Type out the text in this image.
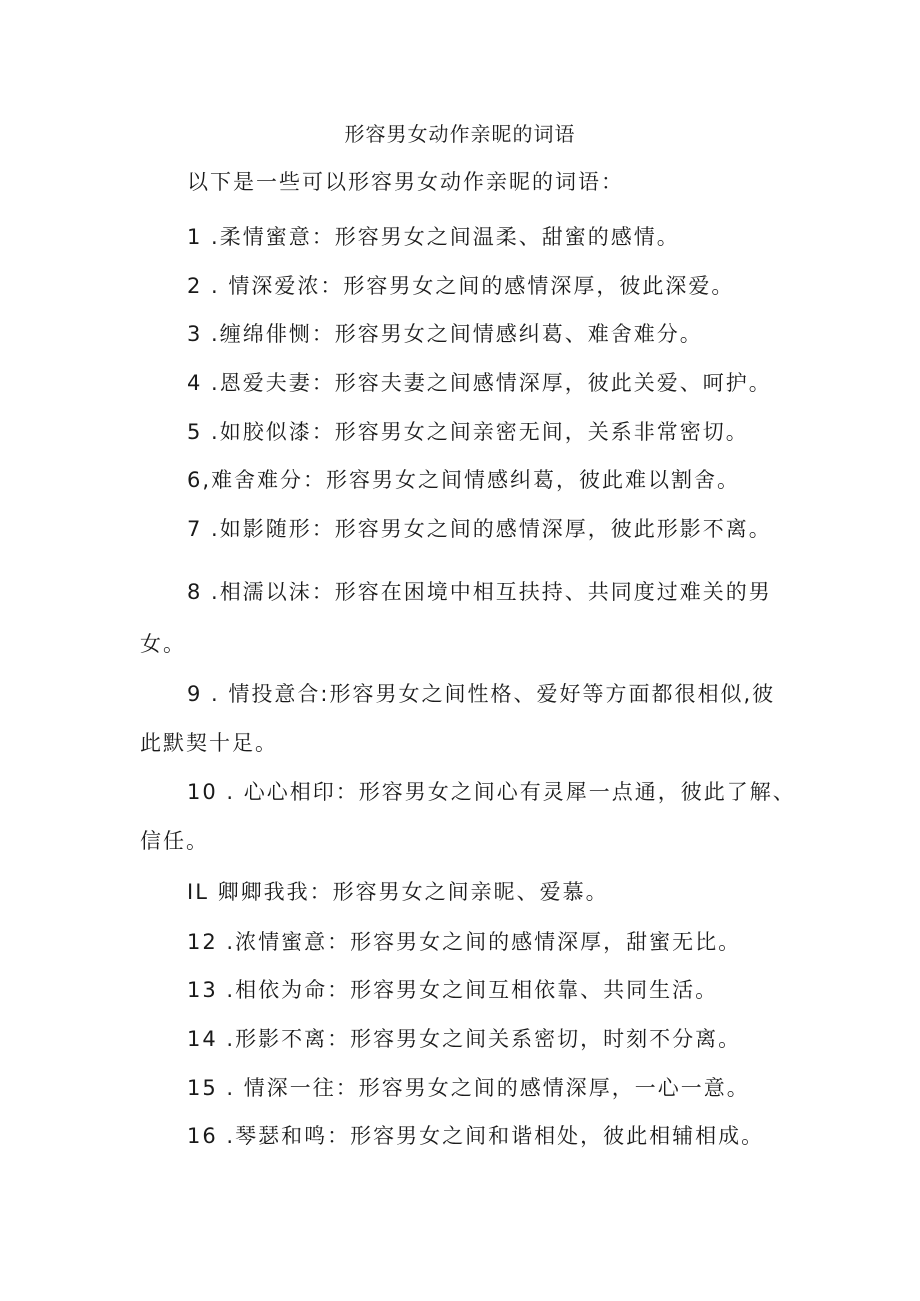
形容男女动作亲昵的词语
以下是一些可以形容男女动作亲昵的词语：
1 .柔情蜜意：形容男女之间温柔、甜蜜的感情。
2 . 情深爱浓：形容男女之间的感情深厚，彼此深爱。
3 .缠绵俳恻：形容男女之间情感纠葛、难舍难分。
4 .恩爱夫妻：形容夫妻之间感情深厚，彼此关爱、呵护。
5 .如胶似漆：形容男女之间亲密无间，关系非常密切。
6,难舍难分：形容男女之间情感纠葛，彼此难以割舍。
7 .如影随形：形容男女之间的感情深厚，彼此形影不离。
8 .相濡以沫：形容在困境中相互扶持、共同度过难关的男
女。
9 . 情投意合:形容男女之间性格、爱好等方面都很相似,彼
此默契十足。
10 . 心心相印：形容男女之间心有灵犀一点通，彼此了解、
信任。
IL 卿卿我我：形容男女之间亲昵、爱慕。
12 .浓情蜜意：形容男女之间的感情深厚，甜蜜无比。
13 .相依为命：形容男女之间互相依靠、共同生活。
14 .形影不离：形容男女之间关系密切，时刻不分离。
15 . 情深一往：形容男女之间的感情深厚，一心一意。
16 .琴瑟和鸣：形容男女之间和谐相处，彼此相辅相成。
